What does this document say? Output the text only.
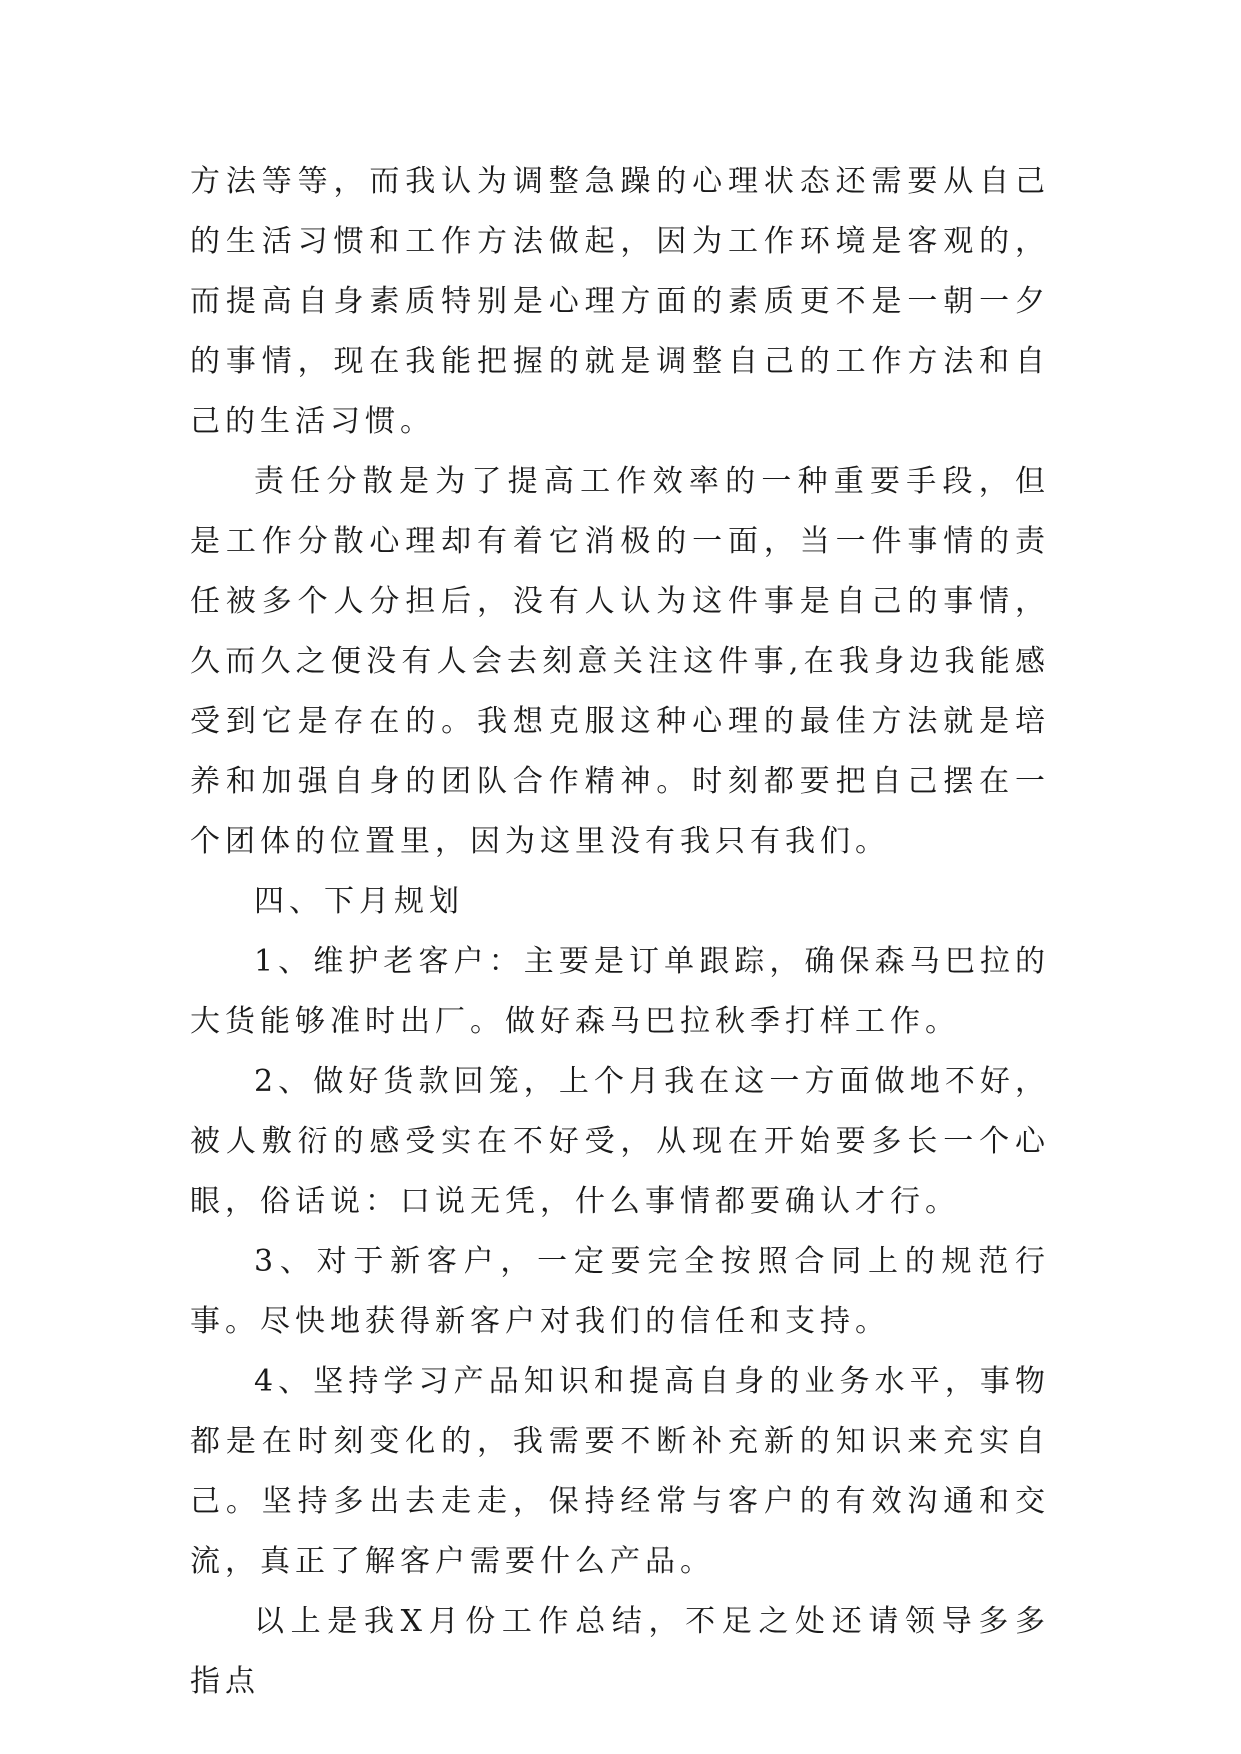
方法等等，而我认为调整急躁的心理状态还需要从自己的生活习惯和工作方法做起，因为工作环境是客观的，而提高自身素质特别是心理方面的素质更不是一朝一夕的事情，现在我能把握的就是调整自己的工作方法和自己的生活习惯。

责任分散是为了提高工作效率的一种重要手段，但是工作分散心理却有着它消极的一面，当一件事情的责任被多个人分担后，没有人认为这件事是自己的事情，久而久之便没有人会去刻意关注这件事,在我身边我能感受到它是存在的。我想克服这种心理的最佳方法就是培养和加强自身的团队合作精神。时刻都要把自己摆在一个团体的位置里，因为这里没有我只有我们。

四、下月规划

1、维护老客户：主要是订单跟踪，确保森马巴拉的大货能够准时出厂。做好森马巴拉秋季打样工作。

2、做好货款回笼，上个月我在这一方面做地不好，被人敷衍的感受实在不好受，从现在开始要多长一个心眼，俗话说：口说无凭，什么事情都要确认才行。

3、对于新客户，一定要完全按照合同上的规范行事。尽快地获得新客户对我们的信任和支持。

4、坚持学习产品知识和提高自身的业务水平，事物都是在时刻变化的，我需要不断补充新的知识来充实自己。坚持多出去走走，保持经常与客户的有效沟通和交流，真正了解客户需要什么产品。

以上是我X月份工作总结，不足之处还请领导多多指点
